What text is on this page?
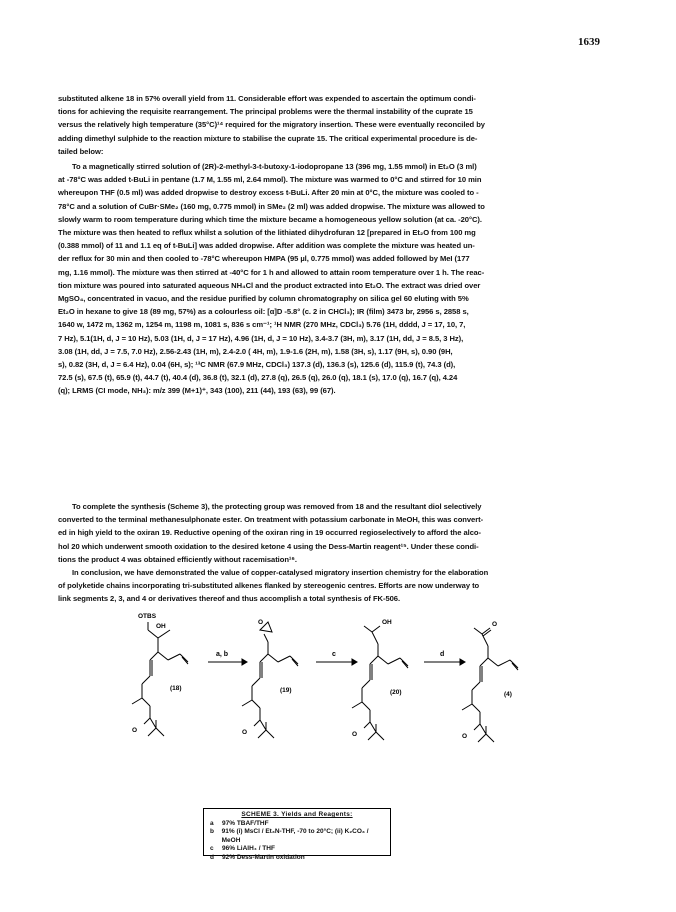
1639

substituted alkene 18 in 57% overall yield from 11. Considerable effort was expended to ascertain the optimum condi-

tions for achieving the requisite rearrangement. The principal problems were the thermal instability of the cuprate 15

versus the relatively high temperature (35°C)¹⁴ required for the migratory insertion. These were eventually reconciled by

adding dimethyl sulphide to the reaction mixture to stabilise the cuprate 15. The critical experimental procedure is de-

tailed below:

To a magnetically stirred solution of (2R)-2-methyl-3-t-butoxy-1-iodopropane 13 (396 mg, 1.55 mmol) in Et₂O (3 ml)

at -78°C was added t-BuLi in pentane (1.7 M, 1.55 ml, 2.64 mmol). The mixture was warmed to 0°C and stirred for 10 min

whereupon THF (0.5 ml) was added dropwise to destroy excess t-BuLi. After 20 min at 0°C, the mixture was cooled to -

78°C and a solution of CuBr·SMe₂ (160 mg, 0.775 mmol) in SMe₂ (2 ml) was added dropwise. The mixture was allowed to

slowly warm to room temperature during which time the mixture became a homogeneous yellow solution (at ca. -20°C).

The mixture was then heated to reflux whilst a solution of the lithiated dihydrofuran 12 [prepared in Et₂O from 100 mg

(0.388 mmol) of 11 and 1.1 eq of t-BuLi] was added dropwise. After addition was complete the mixture was heated un-

der reflux for 30 min and then cooled to -78°C whereupon HMPA (95 µl, 0.775 mmol) was added followed by MeI (177

mg, 1.16 mmol). The mixture was then stirred at -40°C for 1 h and allowed to attain room temperature over 1 h. The reac-

tion mixture was poured into saturated aqueous NH₄Cl and the product extracted into Et₂O. The extract was dried over

MgSO₄, concentrated in vacuo, and the residue purified by column chromatography on silica gel 60 eluting with 5%

Et₂O in hexane to give 18 (89 mg, 57%) as a colourless oil: [α]D -5.8° (c. 2 in CHCl₃); IR (film) 3473 br, 2956 s, 2858 s,

1640 w, 1472 m, 1362 m, 1254 m, 1198 m, 1081 s, 836 s cm⁻¹; ¹H NMR (270 MHz, CDCl₃) 5.76 (1H, dddd, J = 17, 10, 7,

7 Hz), 5.1(1H, d, J = 10 Hz), 5.03 (1H, d, J = 17 Hz), 4.96 (1H, d, J = 10 Hz), 3.4-3.7 (3H, m), 3.17 (1H, dd, J = 8.5, 3 Hz),

3.08 (1H, dd, J = 7.5, 7.0 Hz), 2.56-2.43 (1H, m), 2.4-2.0 ( 4H, m), 1.9-1.6 (2H, m), 1.58 (3H, s), 1.17 (9H, s), 0.90 (9H,

s), 0.82 (3H, d, J = 6.4 Hz), 0.04 (6H, s); ¹³C NMR (67.9 MHz, CDCl₃) 137.3 (d), 136.3 (s), 125.6 (d), 115.9 (t), 74.3 (d),

72.5 (s), 67.5 (t), 65.9 (t), 44.7 (t), 40.4 (d), 36.8 (t), 32.1 (d), 27.8 (q), 26.5 (q), 26.0 (q), 18.1 (s), 17.0 (q), 16.7 (q), 4.24

(q); LRMS (CI mode, NH₃): m/z 399 (M+1)⁺, 343 (100), 211 (44), 193 (63), 99 (67).

To complete the synthesis (Scheme 3), the protecting group was removed from 18 and the resultant diol selectively

converted to the terminal methanesulphonate ester. On treatment with potassium carbonate in MeOH, this was convert-

ed in high yield to the oxiran 19. Reductive opening of the oxiran ring in 19 occurred regioselectively to afford the alco-

hol 20 which underwent smooth oxidation to the desired ketone 4 using the Dess-Martin reagent¹⁵. Under these condi-

tions the product 4 was obtained efficiently without racemisation¹⁶.

In conclusion, we have demonstrated the value of copper-catalysed migratory insertion chemistry for the elaboration

of polyketide chains incorporating tri-substituted alkenes flanked by stereogenic centres. Efforts are now underway to

link segments 2, 3, and 4 or derivatives thereof and thus accomplish a total synthesis of FK-506.

OTBS
OH
O	OH	O
O	O	O	O
a, b	c	d
(18)	(19)	(20)	(4)
SCHEME 3. Yields and Reagents:
a	97% TBAF/THF
b	91% (i) MsCl / Et₃N-THF, -70 to 20°C; (ii) K₂CO₃ / MeOH
c	96% LiAlH₄ / THF
d	92% Dess-Martin oxidation
